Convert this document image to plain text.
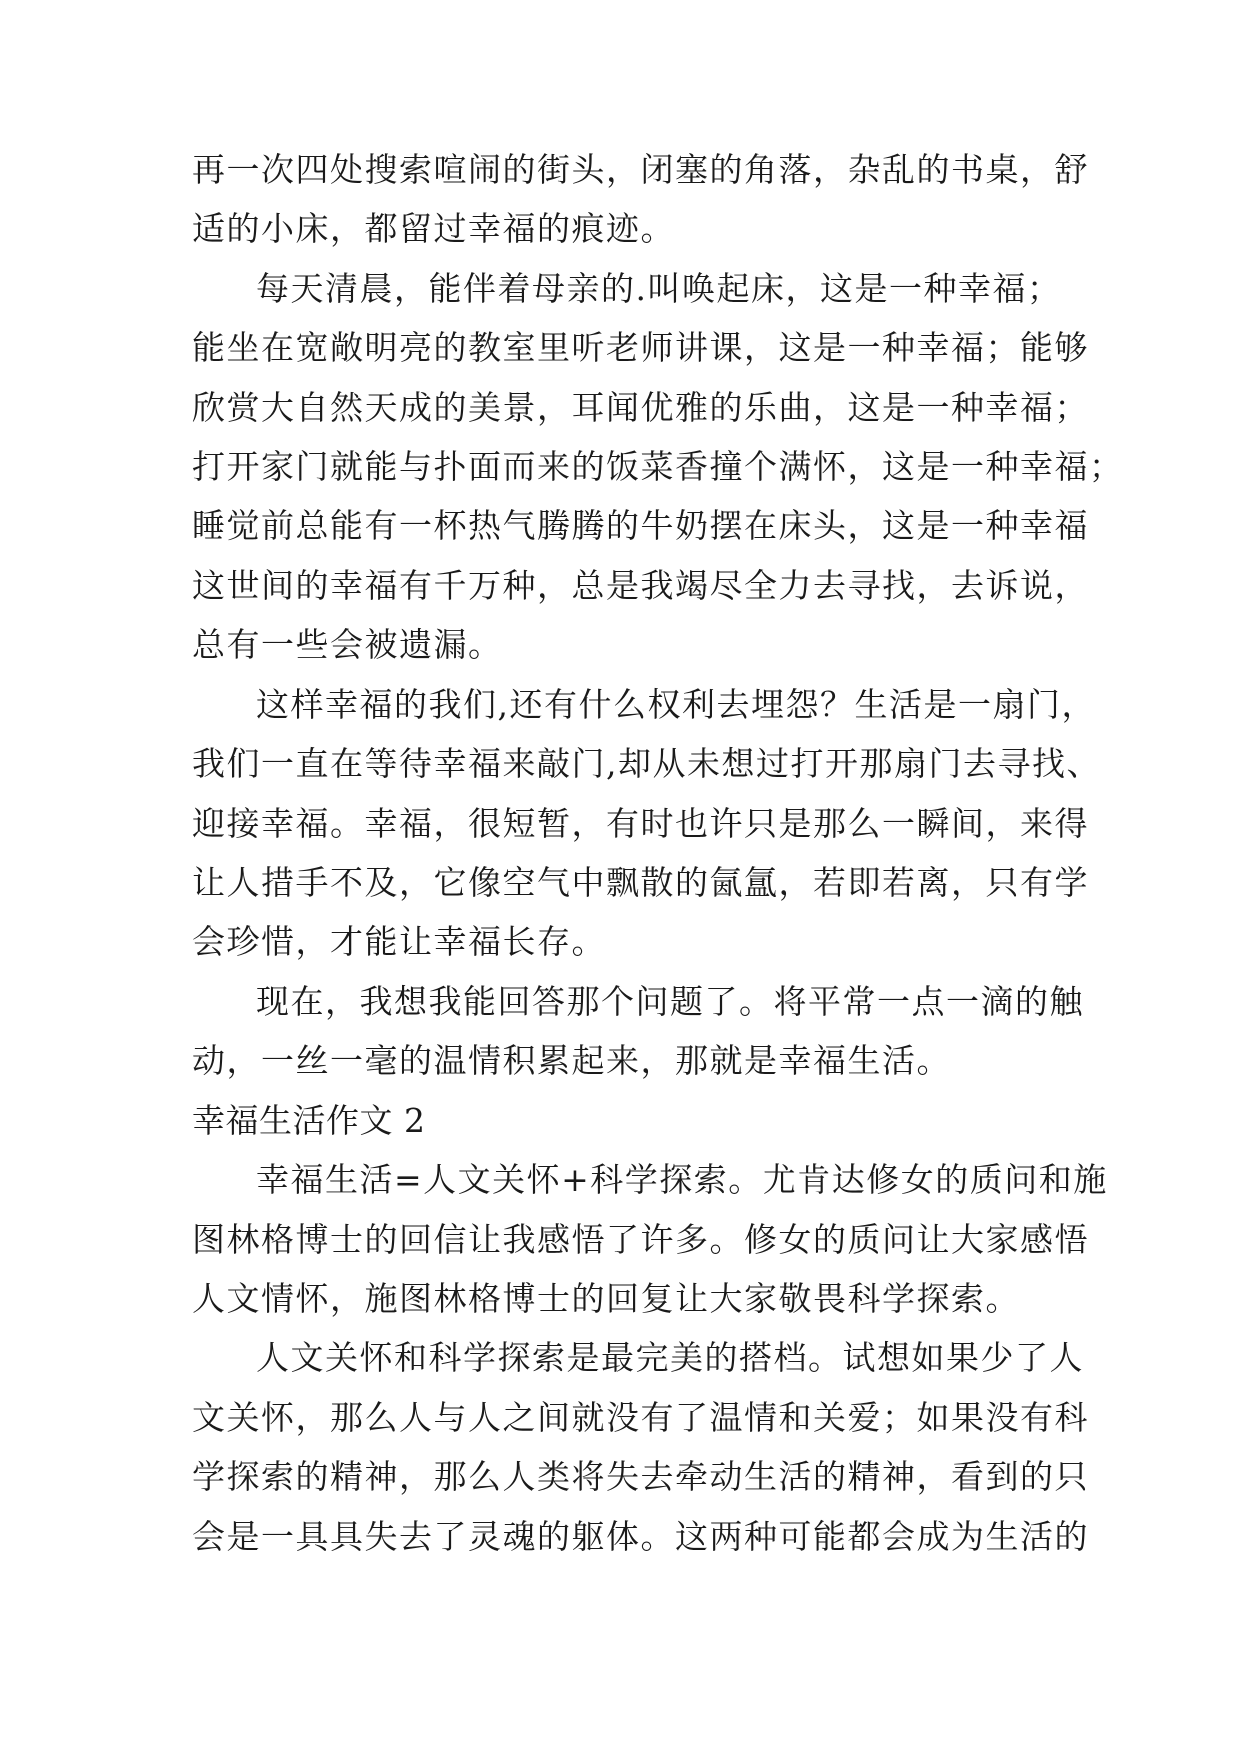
再一次四处搜索喧闹的街头，闭塞的角落，杂乱的书桌，舒
适的小床，都留过幸福的痕迹。
每天清晨，能伴着母亲的.叫唤起床，这是一种幸福；
能坐在宽敞明亮的教室里听老师讲课，这是一种幸福；能够
欣赏大自然天成的美景，耳闻优雅的乐曲，这是一种幸福；
打开家门就能与扑面而来的饭菜香撞个满怀，这是一种幸福；
睡觉前总能有一杯热气腾腾的牛奶摆在床头，这是一种幸福
这世间的幸福有千万种，总是我竭尽全力去寻找，去诉说，
总有一些会被遗漏。
这样幸福的我们,还有什么权利去埋怨？生活是一扇门，
我们一直在等待幸福来敲门,却从未想过打开那扇门去寻找、
迎接幸福。幸福，很短暂，有时也许只是那么一瞬间，来得
让人措手不及，它像空气中飘散的氤氲，若即若离，只有学
会珍惜，才能让幸福长存。
现在，我想我能回答那个问题了。将平常一点一滴的触
动，一丝一毫的温情积累起来，那就是幸福生活。
幸福生活作文 2
幸福生活=人文关怀+科学探索。尤肯达修女的质问和施
图林格博士的回信让我感悟了许多。修女的质问让大家感悟
人文情怀，施图林格博士的回复让大家敬畏科学探索。
人文关怀和科学探索是最完美的搭档。试想如果少了人
文关怀，那么人与人之间就没有了温情和关爱；如果没有科
学探索的精神，那么人类将失去牵动生活的精神，看到的只
会是一具具失去了灵魂的躯体。这两种可能都会成为生活的
